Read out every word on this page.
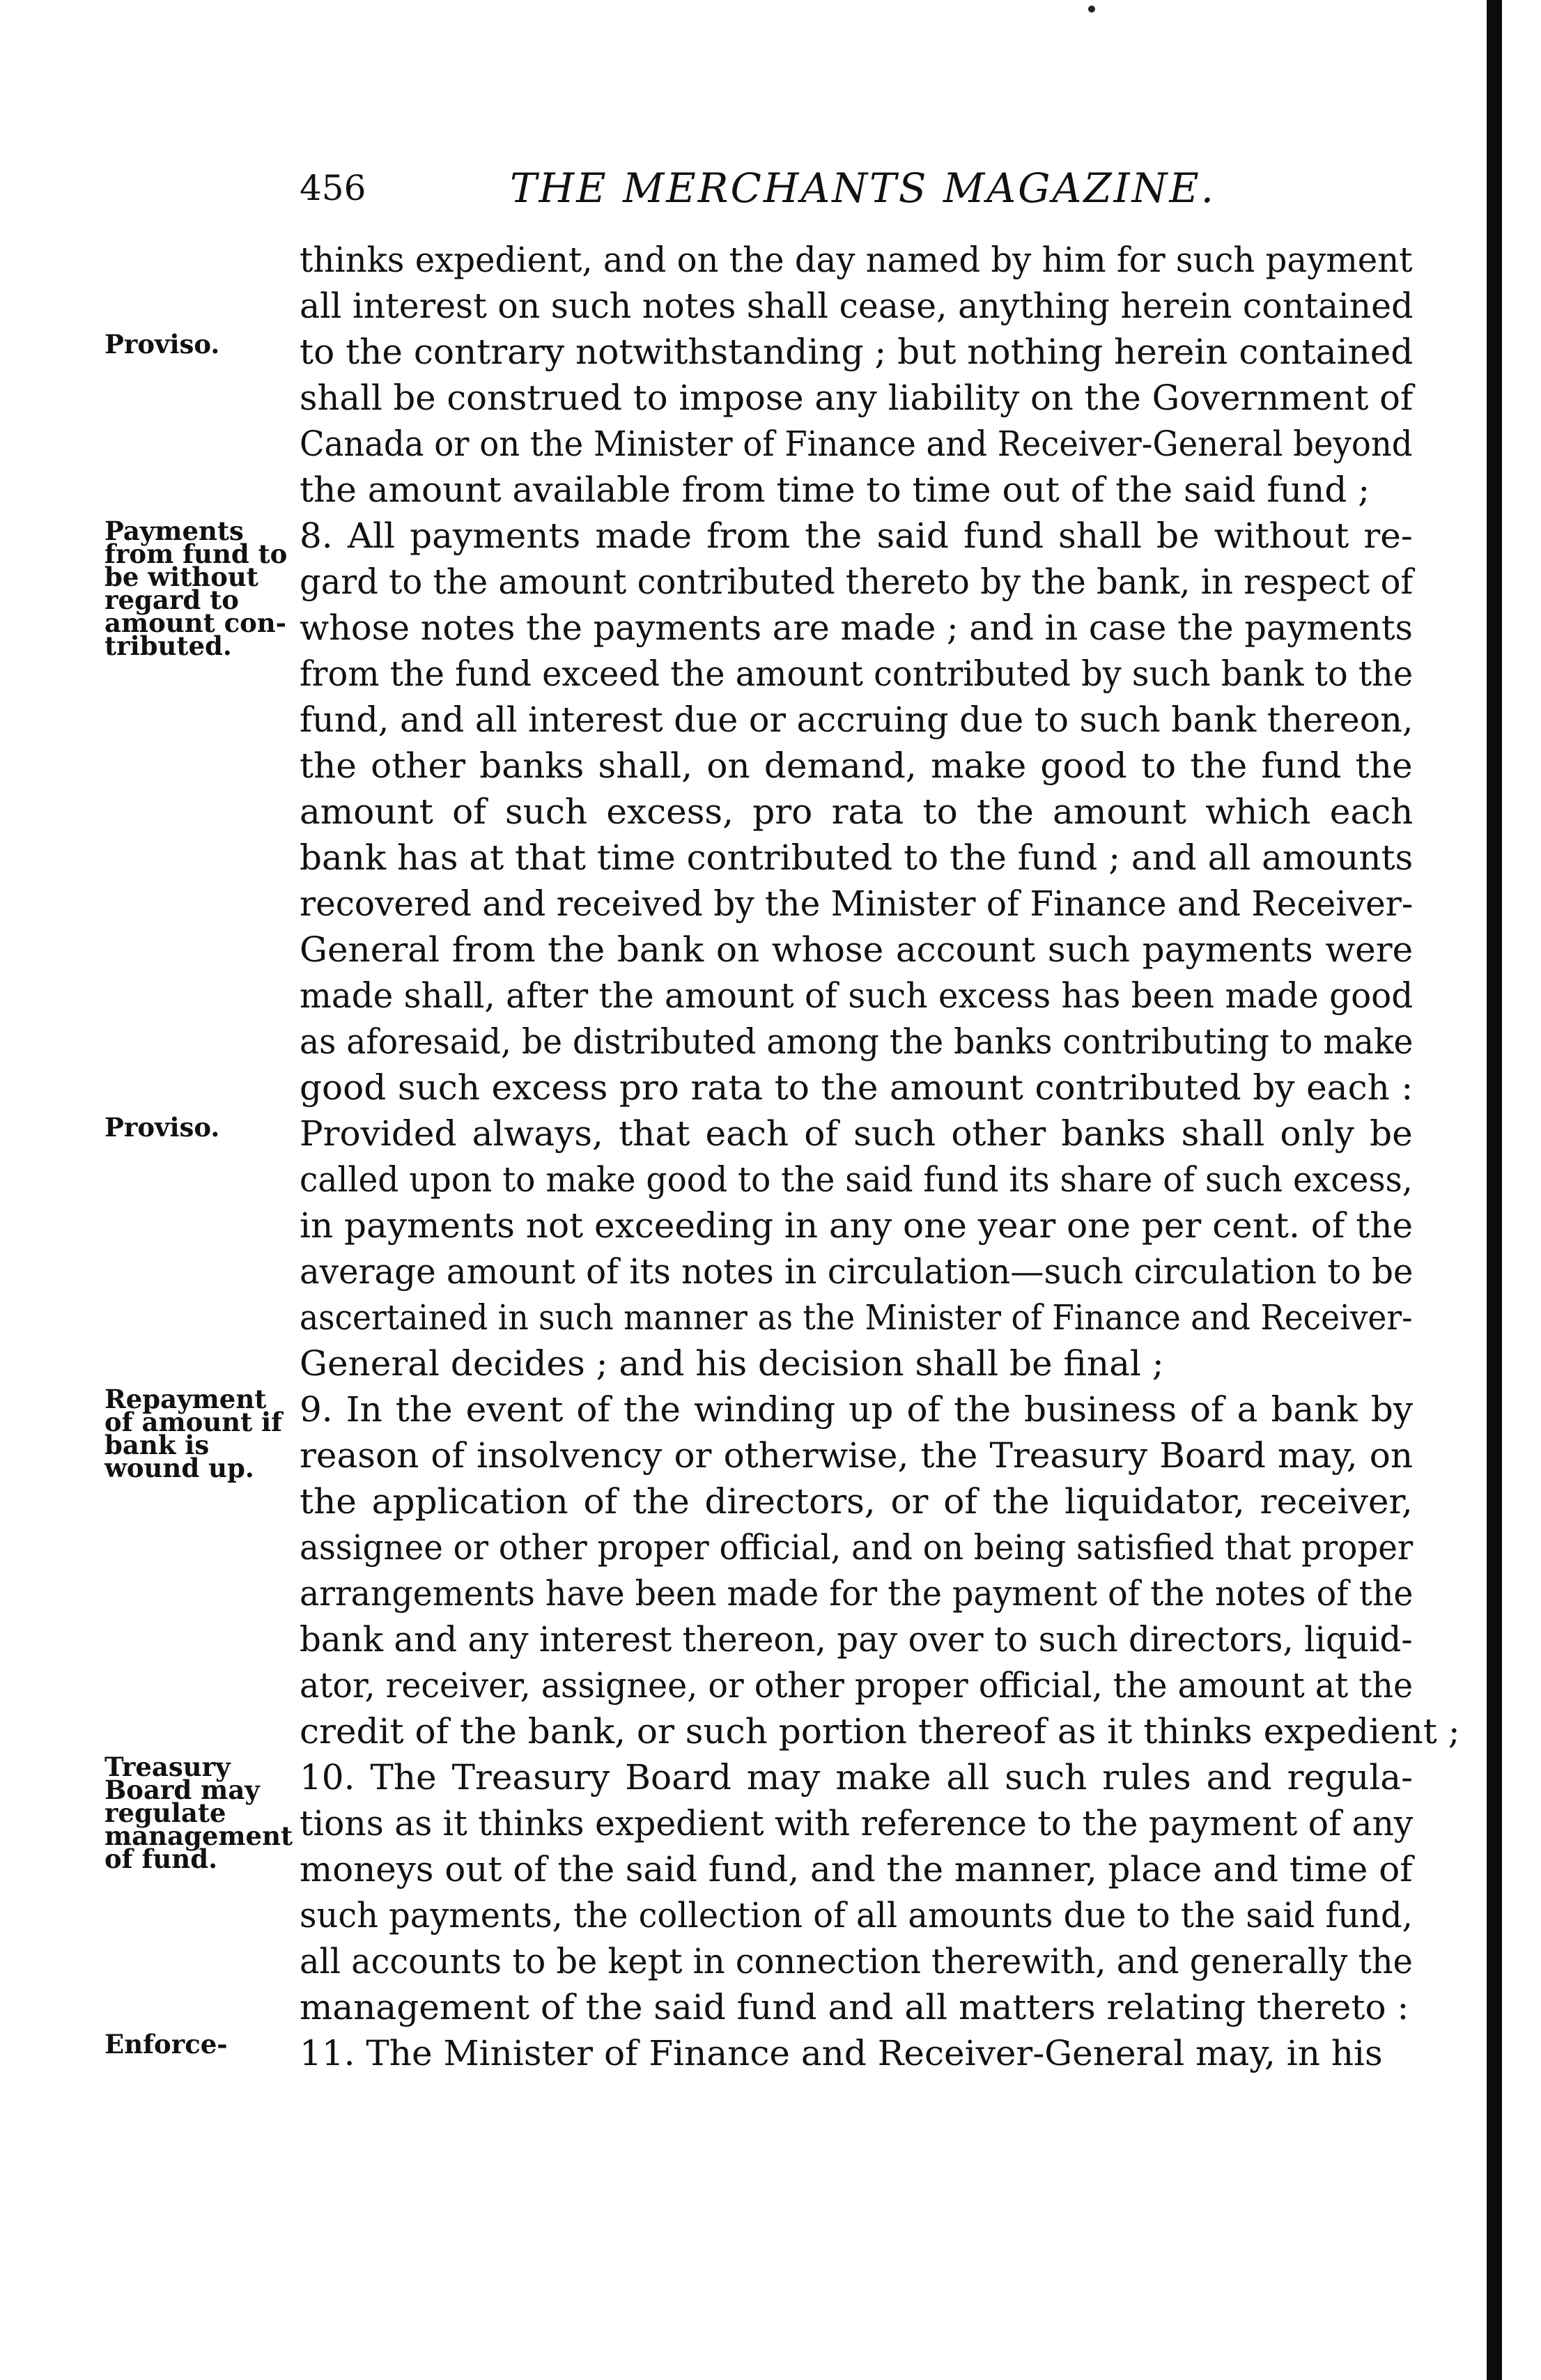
456	THE MERCHANTS MAGAZINE.
thinks expedient, and on the day named by him for such payment
all interest on such notes shall cease, anything herein contained
to the contrary notwithstanding ; but nothing herein contained
shall be construed to impose any liability on the Government of
Canada or on the Minister of Finance and Receiver-General beyond
the amount available from time to time out of the said fund ;
8. All payments made from the said fund shall be without re-
gard to the amount contributed thereto by the bank, in respect of
whose notes the payments are made ; and in case the payments
from the fund exceed the amount contributed by such bank to the
fund, and all interest due or accruing due to such bank thereon,
the other banks shall, on demand, make good to the fund the
amount of such excess, pro rata to the amount which each
bank has at that time contributed to the fund ; and all amounts
recovered and received by the Minister of Finance and Receiver-
General from the bank on whose account such payments were
made shall, after the amount of such excess has been made good
as aforesaid, be distributed among the banks contributing to make
good such excess pro rata to the amount contributed by each :
Provided always, that each of such other banks shall only be
called upon to make good to the said fund its share of such excess,
in payments not exceeding in any one year one per cent. of the
average amount of its notes in circulation—such circulation to be
ascertained in such manner as the Minister of Finance and Receiver-
General decides ; and his decision shall be final ;
9. In the event of the winding up of the business of a bank by
reason of insolvency or otherwise, the Treasury Board may, on
the application of the directors, or of the liquidator, receiver,
assignee or other proper official, and on being satisfied that proper
arrangements have been made for the payment of the notes of the
bank and any interest thereon, pay over to such directors, liquid-
ator, receiver, assignee, or other proper official, the amount at the
credit of the bank, or such portion thereof as it thinks expedient ;
10. The Treasury Board may make all such rules and regula-
tions as it thinks expedient with reference to the payment of any
moneys out of the said fund, and the manner, place and time of
such payments, the collection of all amounts due to the said fund,
all accounts to be kept in connection therewith, and generally the
management of the said fund and all matters relating thereto :
11. The Minister of Finance and Receiver-General may, in his
Proviso.
Payments
from fund to
be without
regard to
amount con-
tributed.
Proviso.
Repayment
of amount if
bank is
wound up.
Treasury
Board may
regulate
management
of fund.
Enforce-
